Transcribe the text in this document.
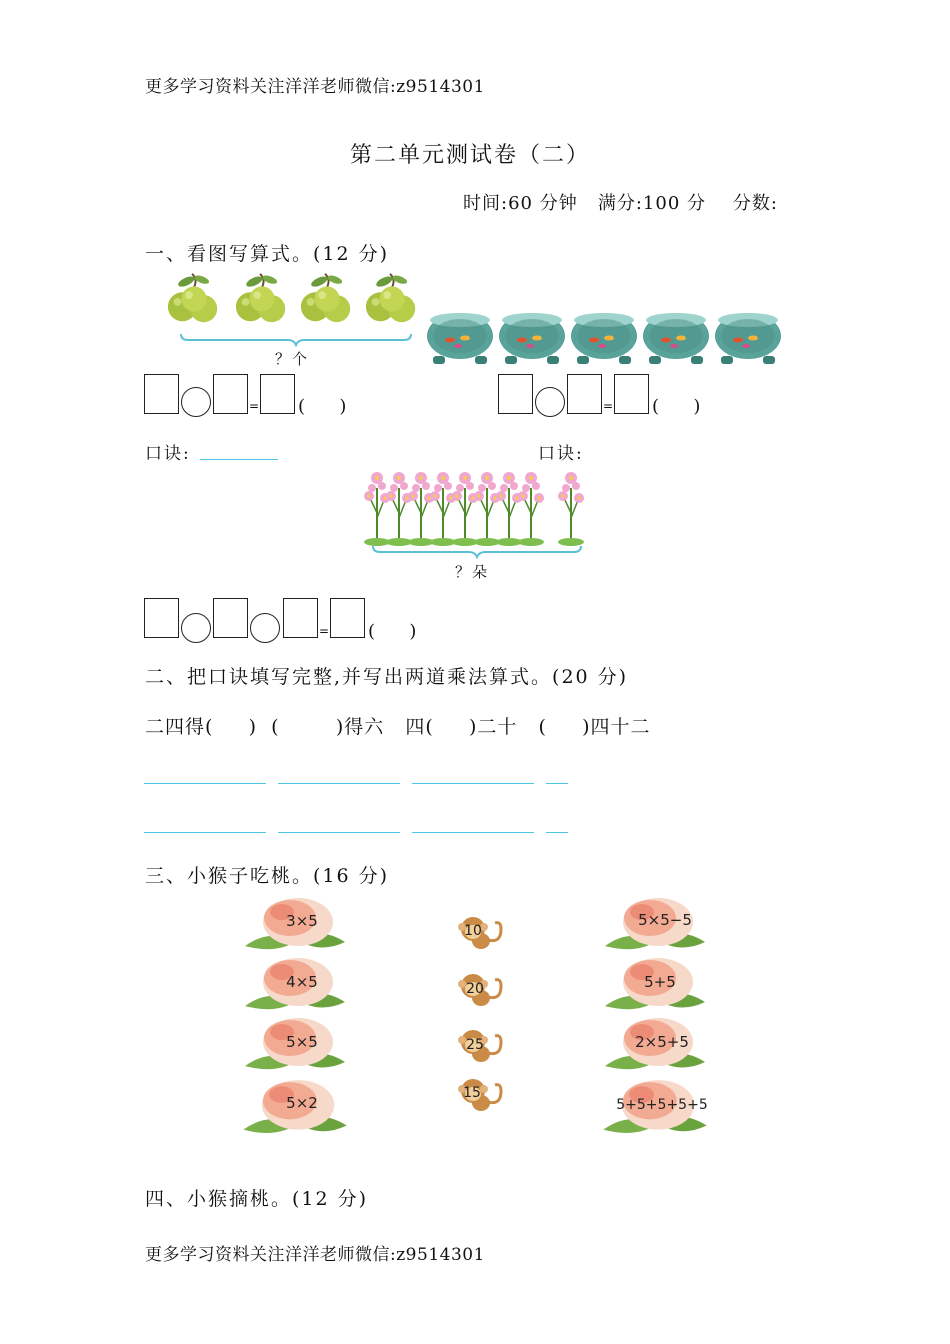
更多学习资料关注洋洋老师微信:z9514301
第二单元测试卷（二）
时间:60 分钟   满分:100 分    分数:
一、看图写算式。(12 分)
？个
= (      )	= (      )
口诀:	口诀:
？朵
= (      )
二、把口诀填写完整,并写出两道乘法算式。(20 分)
二四得(     )  (        )得六   四(     )二十   (     )四十二
三、小猴子吃桃。(16 分)
3×5
4×5
5×5
5×2
10
20
25
15
5×5−5
5+5
2×5+5
5+5+5+5+5
四、小猴摘桃。(12 分)
更多学习资料关注洋洋老师微信:z9514301
